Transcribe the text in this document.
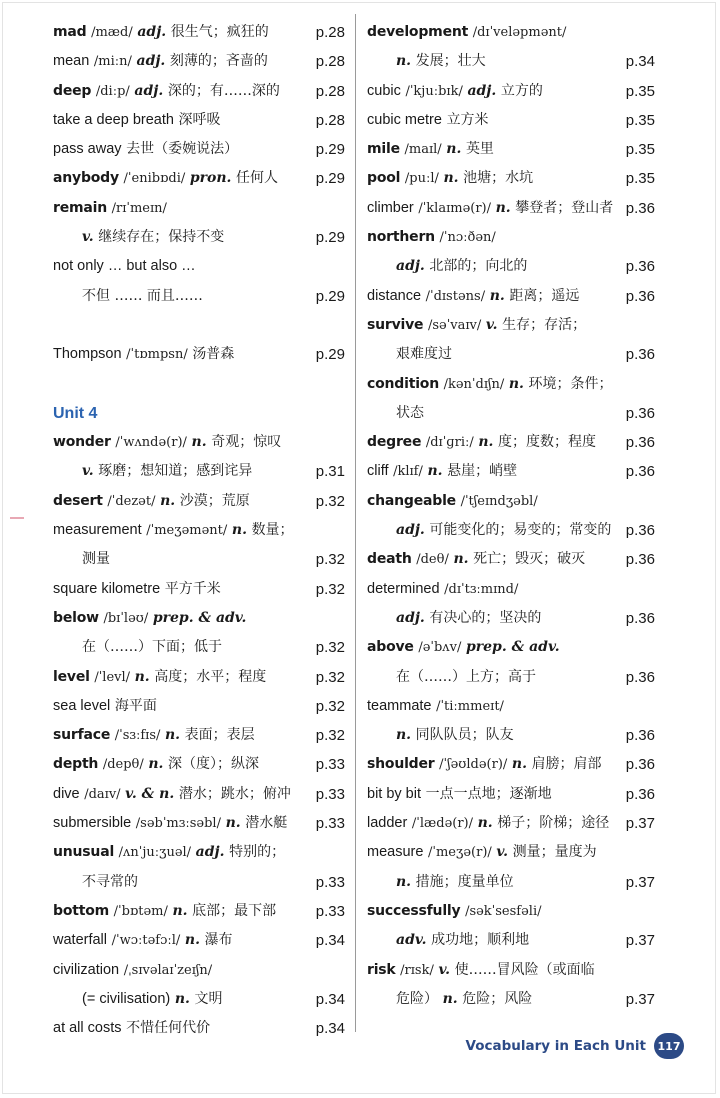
mad /mæd/ adj. 很生气；疯狂的	p.28
mean /miːn/ adj. 刻薄的；吝啬的	p.28
deep /diːp/ adj. 深的；有……深的 p.28
take a deep breath 深呼吸	p.28
pass away 去世（委婉说法）	p.29
anybody /ˈenibɒdi/ pron. 任何人	p.29
remain /rɪˈmeɪn/
v. 继续存在；保持不变	p.29
not only … but also …
不但 …… 而且……	p.29
Thompson /ˈtɒmpsn/ 汤普森	p.29
Unit 4
wonder /ˈwʌndə(r)/ n. 奇观；惊叹
v. 琢磨；想知道；感到诧异	p.31
desert /ˈdezət/ n. 沙漠；荒原	p.32
measurement /ˈmeʒəmənt/ n. 数量；
测量	p.32
square kilometre 平方千米	p.32
below /bɪˈləʊ/ prep. & adv.
在（……）下面；低于	p.32
level /ˈlevl/ n. 高度；水平；程度	p.32
sea level 海平面	p.32
surface /ˈsɜːfɪs/ n. 表面；表层	p.32
depth /depθ/ n. 深（度）；纵深	p.33
dive /daɪv/ v. & n. 潜水；跳水；俯冲 p.33
submersible /səbˈmɜːsəbl/ n. 潜水艇 p.33
unusual /ʌnˈjuːʒuəl/ adj. 特别的；
不寻常的	p.33
bottom /ˈbɒtəm/ n. 底部；最下部	p.33
waterfall /ˈwɔːtəfɔːl/ n. 瀑布	p.34
civilization /ˌsɪvəlaɪˈzeɪʃn/
(= civilisation) n. 文明	p.34
at all costs 不惜任何代价	p.34
development /dɪˈveləpmənt/
n. 发展；壮大	p.34
cubic /ˈkjuːbɪk/ adj. 立方的	p.35
cubic metre 立方米	p.35
mile /maɪl/ n. 英里	p.35
pool /puːl/ n. 池塘；水坑	p.35
climber /ˈklaɪmə(r)/ n. 攀登者；登山者 p.36
northern /ˈnɔːðən/
adj. 北部的；向北的	p.36
distance /ˈdɪstəns/ n. 距离；遥远	p.36
survive /səˈvaɪv/ v. 生存；存活；
艰难度过	p.36
condition /kənˈdɪʃn/ n. 环境；条件；
状态	p.36
degree /dɪˈɡriː/ n. 度；度数；程度 p.36
cliff /klɪf/ n. 悬崖；峭壁	p.36
changeable /ˈtʃeɪndʒəbl/
adj. 可能变化的；易变的；常变的 p.36
death /deθ/ n. 死亡；毁灭；破灭	p.36
determined /dɪˈtɜːmɪnd/
adj. 有决心的；坚决的	p.36
above /əˈbʌv/ prep. & adv.
在（……）上方；高于	p.36
teammate /ˈtiːmmeɪt/
n. 同队队员；队友	p.36
shoulder /ˈʃəʊldə(r)/ n. 肩膀；肩部 p.36
bit by bit 一点一点地；逐渐地	p.36
ladder /ˈlædə(r)/ n. 梯子；阶梯；途径 p.37
measure /ˈmeʒə(r)/ v. 测量；量度为
n. 措施；度量单位	p.37
successfully /səkˈsesfəli/
adv. 成功地；顺利地	p.37
risk /rɪsk/ v. 使……冒风险（或面临
危险） n. 危险；风险	p.37
Vocabulary in Each Unit	117
